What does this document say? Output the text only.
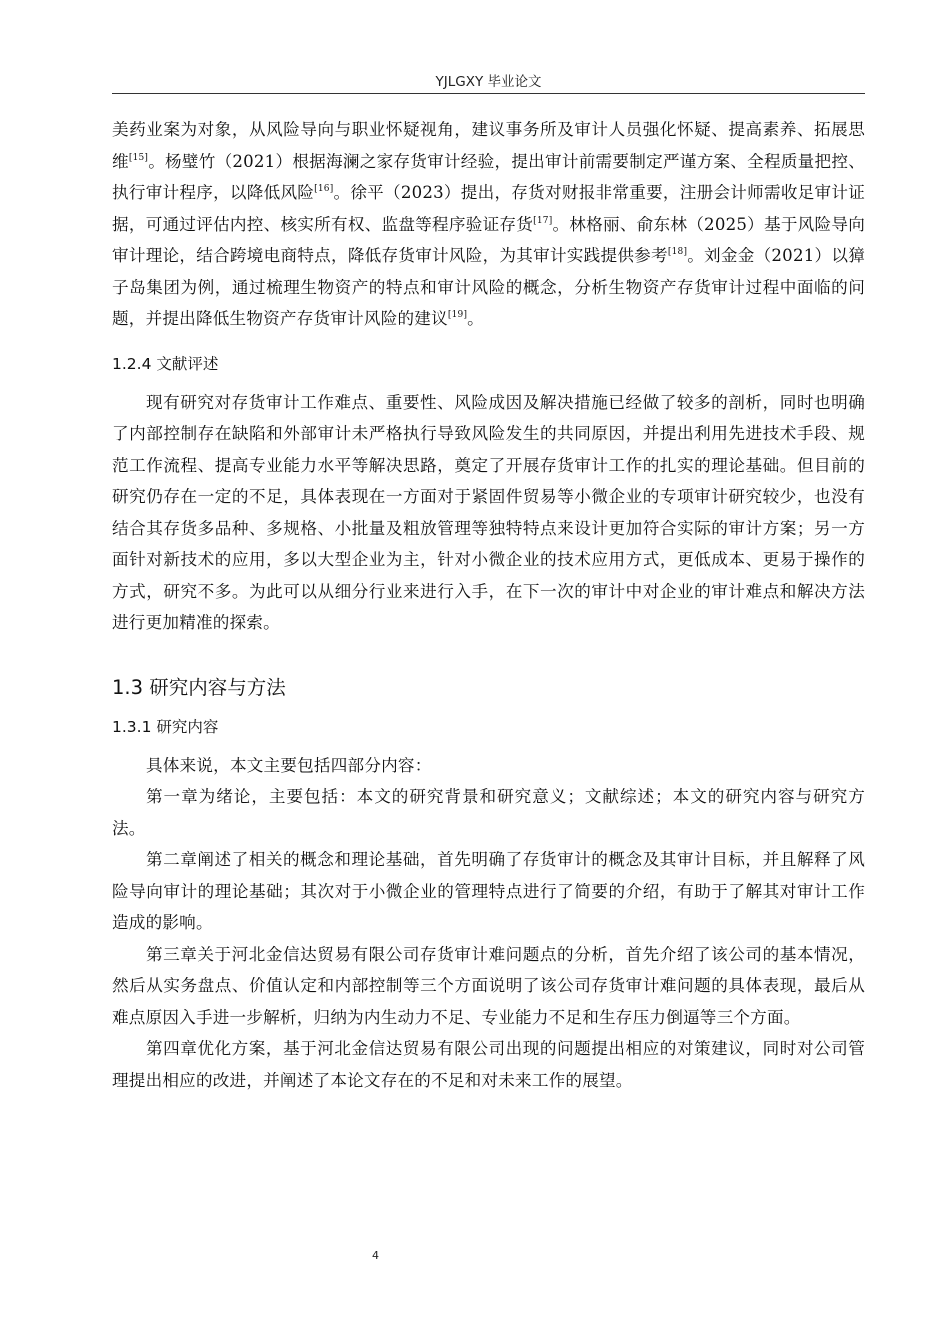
YJLGXY 毕业论文

美药业案为对象，从风险导向与职业怀疑视角，建议事务所及审计人员强化怀疑、提高素养、拓展思维[15]。杨璧竹（2021）根据海澜之家存货审计经验，提出审计前需要制定严谨方案、全程质量把控、执行审计程序，以降低风险[16]。徐平（2023）提出，存货对财报非常重要，注册会计师需收足审计证据，可通过评估内控、核实所有权、监盘等程序验证存货[17]。林格丽、俞东林（2025）基于风险导向审计理论，结合跨境电商特点，降低存货审计风险，为其审计实践提供参考[18]。刘金金（2021）以獐子岛集团为例，通过梳理生物资产的特点和审计风险的概念，分析生物资产存货审计过程中面临的问题，并提出降低生物资产存货审计风险的建议[19]。

1.2.4 文献评述

现有研究对存货审计工作难点、重要性、风险成因及解决措施已经做了较多的剖析，同时也明确了内部控制存在缺陷和外部审计未严格执行导致风险发生的共同原因，并提出利用先进技术手段、规范工作流程、提高专业能力水平等解决思路，奠定了开展存货审计工作的扎实的理论基础。但目前的研究仍存在一定的不足，具体表现在一方面对于紧固件贸易等小微企业的专项审计研究较少，也没有结合其存货多品种、多规格、小批量及粗放管理等独特特点来设计更加符合实际的审计方案；另一方面针对新技术的应用，多以大型企业为主，针对小微企业的技术应用方式，更低成本、更易于操作的方式，研究不多。为此可以从细分行业来进行入手，在下一次的审计中对企业的审计难点和解决方法进行更加精准的探索。

1.3 研究内容与方法
1.3.1 研究内容

具体来说，本文主要包括四部分内容：

第一章为绪论，主要包括：本文的研究背景和研究意义；文献综述；本文的研究内容与研究方法。

第二章阐述了相关的概念和理论基础，首先明确了存货审计的概念及其审计目标，并且解释了风险导向审计的理论基础；其次对于小微企业的管理特点进行了简要的介绍，有助于了解其对审计工作造成的影响。

第三章关于河北金信达贸易有限公司存货审计难问题点的分析，首先介绍了该公司的基本情况，然后从实务盘点、价值认定和内部控制等三个方面说明了该公司存货审计难问题的具体表现，最后从难点原因入手进一步解析，归纳为内生动力不足、专业能力不足和生存压力倒逼等三个方面。

第四章优化方案，基于河北金信达贸易有限公司出现的问题提出相应的对策建议，同时对公司管理提出相应的改进，并阐述了本论文存在的不足和对未来工作的展望。

4
